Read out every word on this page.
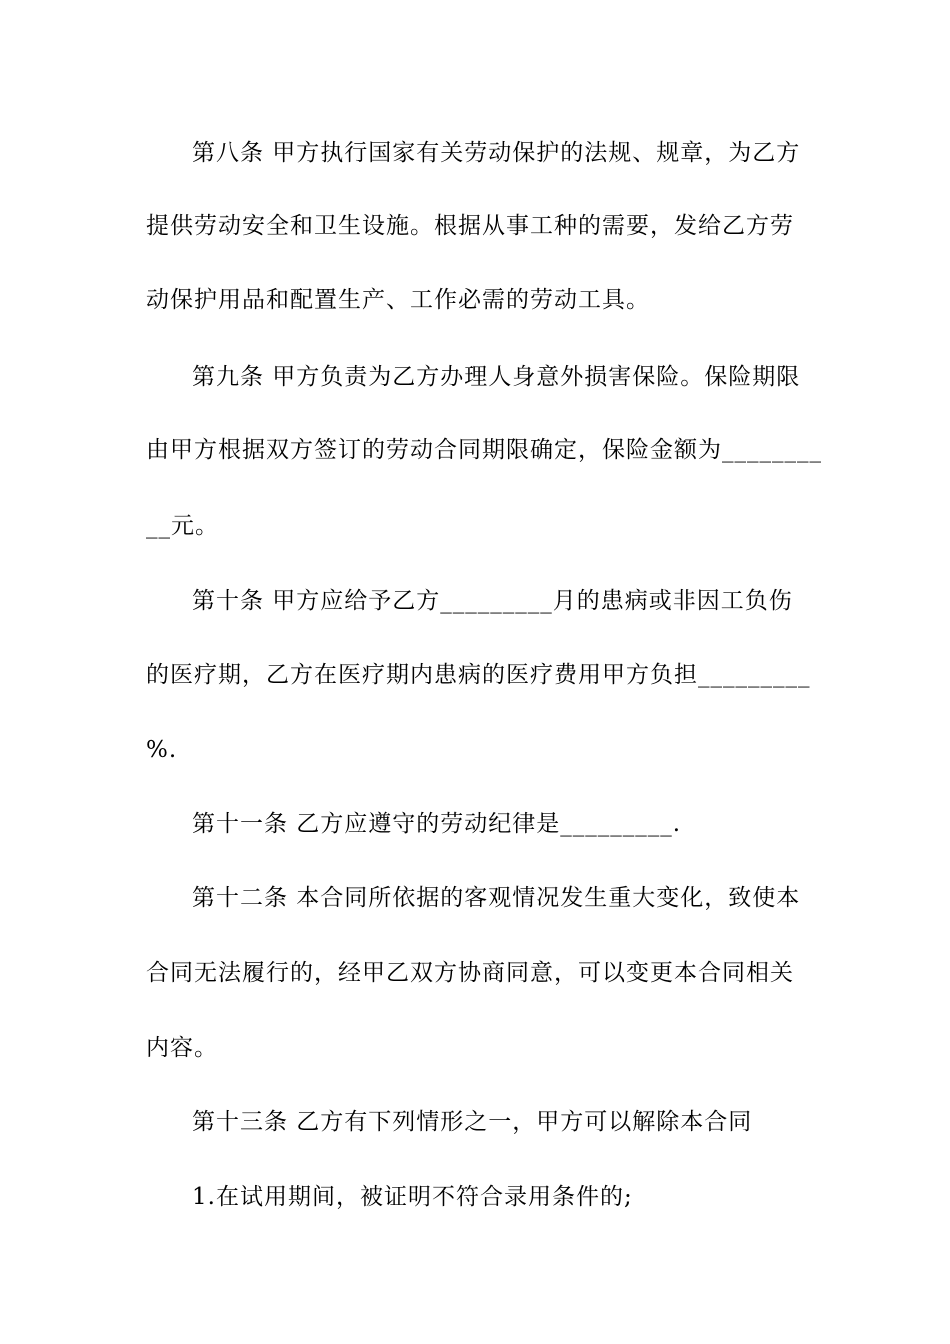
第八条 甲方执行国家有关劳动保护的法规、规章，为乙方
提供劳动安全和卫生设施。根据从事工种的需要，发给乙方劳
动保护用品和配置生产、工作必需的劳动工具。
第九条 甲方负责为乙方办理人身意外损害保险。保险期限
由甲方根据双方签订的劳动合同期限确定，保险金额为________
__元。
第十条 甲方应给予乙方_________月的患病或非因工负伤
的医疗期，乙方在医疗期内患病的医疗费用甲方负担_________
%.
第十一条 乙方应遵守的劳动纪律是_________.
第十二条 本合同所依据的客观情况发生重大变化，致使本
合同无法履行的，经甲乙双方协商同意，可以变更本合同相关
内容。
第十三条 乙方有下列情形之一，甲方可以解除本合同
1.在试用期间，被证明不符合录用条件的;
